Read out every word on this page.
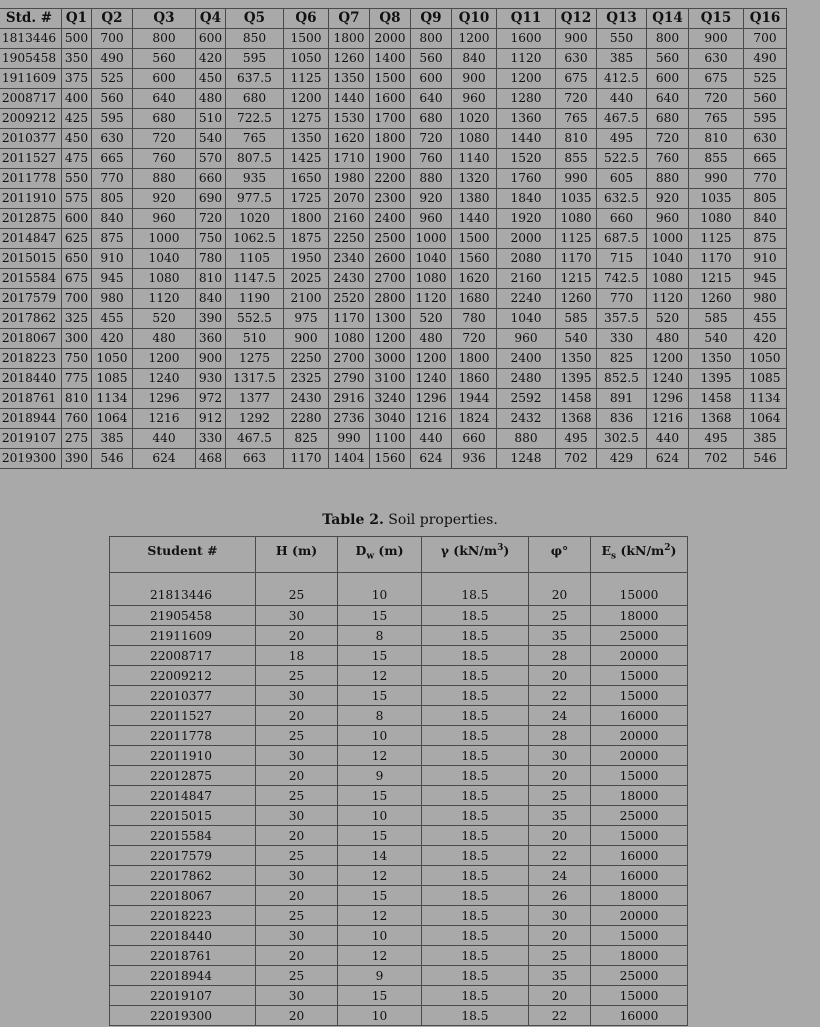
Std. #	Q1	Q2	Q3	Q4	Q5	Q6	Q7	Q8	Q9	Q10	Q11	Q12	Q13	Q14	Q15	Q16
1813446	500	700	800	600	850	1500	1800	2000	800	1200	1600	900	550	800	900	700
1905458	350	490	560	420	595	1050	1260	1400	560	840	1120	630	385	560	630	490
1911609	375	525	600	450	637.5	1125	1350	1500	600	900	1200	675	412.5	600	675	525
2008717	400	560	640	480	680	1200	1440	1600	640	960	1280	720	440	640	720	560
2009212	425	595	680	510	722.5	1275	1530	1700	680	1020	1360	765	467.5	680	765	595
2010377	450	630	720	540	765	1350	1620	1800	720	1080	1440	810	495	720	810	630
2011527	475	665	760	570	807.5	1425	1710	1900	760	1140	1520	855	522.5	760	855	665
2011778	550	770	880	660	935	1650	1980	2200	880	1320	1760	990	605	880	990	770
2011910	575	805	920	690	977.5	1725	2070	2300	920	1380	1840	1035	632.5	920	1035	805
2012875	600	840	960	720	1020	1800	2160	2400	960	1440	1920	1080	660	960	1080	840
2014847	625	875	1000	750	1062.5	1875	2250	2500	1000	1500	2000	1125	687.5	1000	1125	875
2015015	650	910	1040	780	1105	1950	2340	2600	1040	1560	2080	1170	715	1040	1170	910
2015584	675	945	1080	810	1147.5	2025	2430	2700	1080	1620	2160	1215	742.5	1080	1215	945
2017579	700	980	1120	840	1190	2100	2520	2800	1120	1680	2240	1260	770	1120	1260	980
2017862	325	455	520	390	552.5	975	1170	1300	520	780	1040	585	357.5	520	585	455
2018067	300	420	480	360	510	900	1080	1200	480	720	960	540	330	480	540	420
2018223	750	1050	1200	900	1275	2250	2700	3000	1200	1800	2400	1350	825	1200	1350	1050
2018440	775	1085	1240	930	1317.5	2325	2790	3100	1240	1860	2480	1395	852.5	1240	1395	1085
2018761	810	1134	1296	972	1377	2430	2916	3240	1296	1944	2592	1458	891	1296	1458	1134
2018944	760	1064	1216	912	1292	2280	2736	3040	1216	1824	2432	1368	836	1216	1368	1064
2019107	275	385	440	330	467.5	825	990	1100	440	660	880	495	302.5	440	495	385
2019300	390	546	624	468	663	1170	1404	1560	624	936	1248	702	429	624	702	546
Table 2. Soil properties.
Student #	H (m)	$D_w$ (m)	γ $(kN/m^3)$	φ°	$E_s$ $(kN/m^2)$
21813446	25	10	18.5	20	15000
21905458	30	15	18.5	25	18000
21911609	20	8	18.5	35	25000
22008717	18	15	18.5	28	20000
22009212	25	12	18.5	20	15000
22010377	30	15	18.5	22	15000
22011527	20	8	18.5	24	16000
22011778	25	10	18.5	28	20000
22011910	30	12	18.5	30	20000
22012875	20	9	18.5	20	15000
22014847	25	15	18.5	25	18000
22015015	30	10	18.5	35	25000
22015584	20	15	18.5	20	15000
22017579	25	14	18.5	22	16000
22017862	30	12	18.5	24	16000
22018067	20	15	18.5	26	18000
22018223	25	12	18.5	30	20000
22018440	30	10	18.5	20	15000
22018761	20	12	18.5	25	18000
22018944	25	9	18.5	35	25000
22019107	30	15	18.5	20	15000
22019300	20	10	18.5	22	16000
